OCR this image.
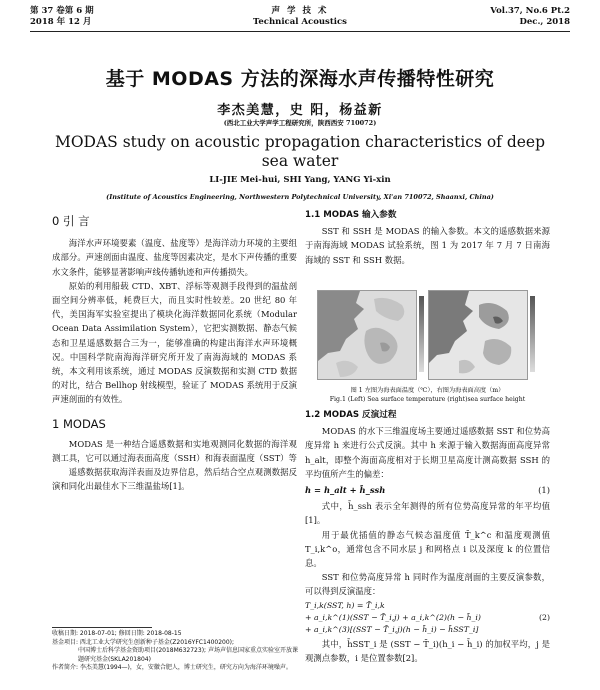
第 37 卷第 6 期
2018 年 12 月
声 学 技 术
Technical Acoustics
Vol.37, No.6 Pt.2
Dec., 2018
基于 MODAS 方法的深海水声传播特性研究
李杰美慧，史 阳，杨益新
(西北工业大学声学工程研究所，陕西西安 710072)
MODAS study on acoustic propagation characteristics of deep sea water
LI-JIE Mei-hui, SHI Yang, YANG Yi-xin
(Institute of Acoustics Engineering, Northwestern Polytechnical University, Xi'an 710072, Shaanxi, China)
0 引 言

海洋水声环境要素（温度、盐度等）是海洋动力环境的主要组成部分。声速剖面由温度、盐度等因素决定，是水下声传播的重要水文条件，能够显著影响声线传播轨迹和声传播损失。

原始的利用船载 CTD、XBT、浮标等观测手段得到的温盐剖面空间分辨率低，耗费巨大，而且实时性较差。20 世纪 80 年代，美国海军实验室提出了模块化海洋数据同化系统（Modular Ocean Data Assimilation System），它把实测数据、静态气候态和卫星遥感数据合三为一，能够准确的构建出海洋水声环境概况。中国科学院南海海洋研究所开发了南海海域的 MODAS 系统，本文利用该系统，通过 MODAS 反演数据和实测 CTD 数据的对比，结合 Bellhop 射线模型，验证了 MODAS 系统用于反演声速剖面的有效性。

1 MODAS

MODAS 是一种结合遥感数据和实地观测同化数据的海洋观测工具，它可以通过海表面高度（SSH）和海表面温度（SST）等

遥感数据获取海洋表面及边界信息，然后结合空点观测数据反演和同化出最佳水下三维温盐场[1]。

收稿日期: 2018-07-01; 修回日期: 2018-08-15
基金项目: 西北工业大学研究生创新种子基金(Z2016YFC1400200);
中国博士后科学基金资助项目(2018M632723); 声场声信息国家重点实验室开放课题研究基金(SKLA201804)
作者简介: 李杰美慧(1994—)，女，安徽合肥人，博士研究生，研究方向为海洋环境噪声。
1.1 MODAS 输入参数

SST 和 SSH 是 MODAS 的输入参数。本文的遥感数据来源于南海海域 MODAS 试验系统，图 1 为 2017 年 7 月 7 日南海海域的 SST 和 SSH 数据。

图 1 左图为海表面温度（℃），右图为海表面高度（m）
Fig.1 (Left) Sea surface temperature (right)sea surface height
1.2 MODAS 反演过程

MODAS 的水下三维温度场主要通过遥感数据 SST 和位势高度异常 h 来进行公式反演。其中 h 来源于输入数据海面高度异常 h_alt，即整个海面高度相对于长期卫星高度计测高数据 SSH 的平均值所产生的偏差：

h = h_alt + h̄_ssh	(1)

式中，h̄_ssh 表示全年测得的所有位势高度异常的年平均值[1]。

用于最优插值的静态气候态温度值 T̄_k^c 和温度观测值 T_i,k^o，通常包含不同水层 j 和网格点 i 以及深度 k 的位置信息。

SST 和位势高度异常 h 同时作为温度剖面的主要反演参数，可以得到反演温度：

T_i,k(SST, h) = T̄_i,k
+ a_i,k^(1)(SST − T̄_i,j) + a_i,k^(2)(h − h̄_i)
+ a_i,k^(3)[(SST − T̄_i,j)(h − h̄_i) − h̄SST_i]
(2)

其中，h̄SST_i 是 (SST − T̄_i)(h_i − h̄_i) 的加权平均，j 是观测点参数，i 是位置参数[2]。
